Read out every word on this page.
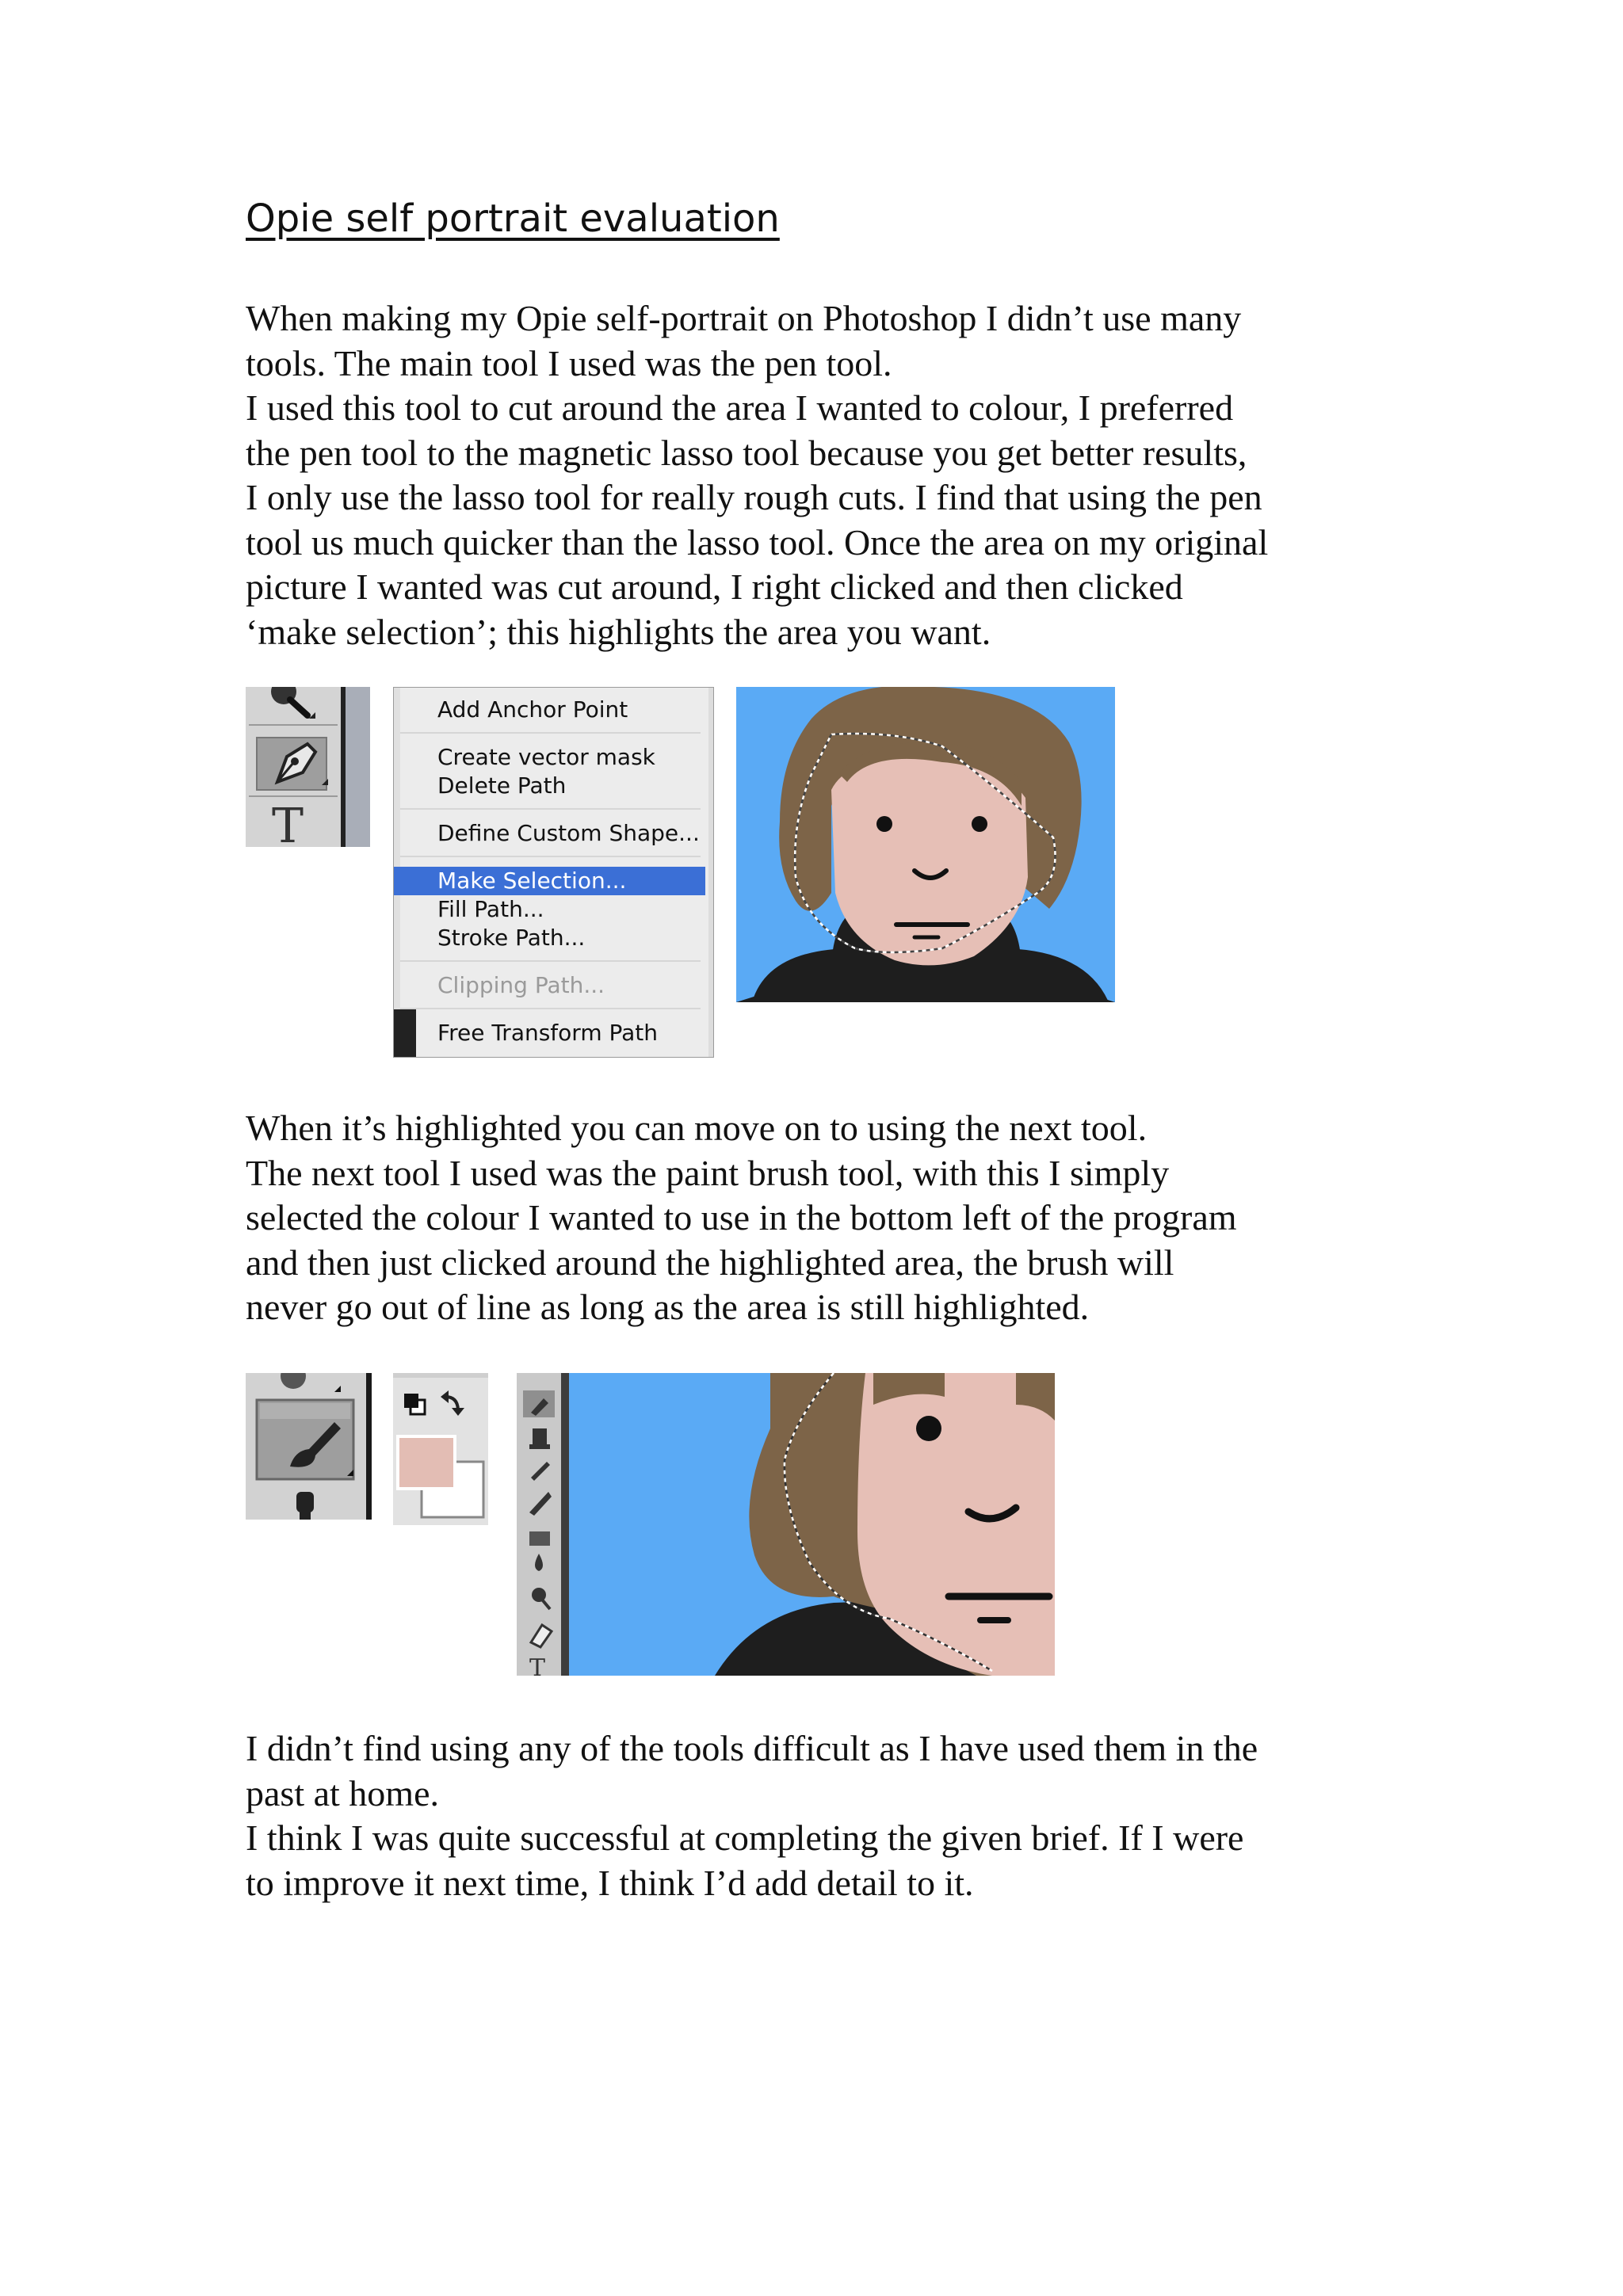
Opie self portrait evaluation
When making my Opie self-portrait on Photoshop I didn’t use many
tools. The main tool I used was the pen tool.
I used this tool to cut around the area I wanted to colour, I preferred
the pen tool to the magnetic lasso tool because you get better results,
I only use the lasso tool for really rough cuts. I find that using the pen
tool us much quicker than the lasso tool. Once the area on my original
picture I wanted was cut around, I right clicked and then clicked
‘make selection’; this highlights the area you want.
T
Add Anchor Point
Create vector mask
Delete Path
Define Custom Shape...
Make Selection...
Fill Path...
Stroke Path...
Clipping Path...
Free Transform Path
When it’s highlighted you can move on to using the next tool.
The next tool I used was the paint brush tool, with this I simply
selected the colour I wanted to use in the bottom left of the program
and then just clicked around the highlighted area, the brush will
never go out of line as long as the area is still highlighted.
T
I didn’t find using any of the tools difficult as I have used them in the
past at home.
I think I was quite successful at completing the given brief. If I were
to improve it next time, I think I’d add detail to it.
